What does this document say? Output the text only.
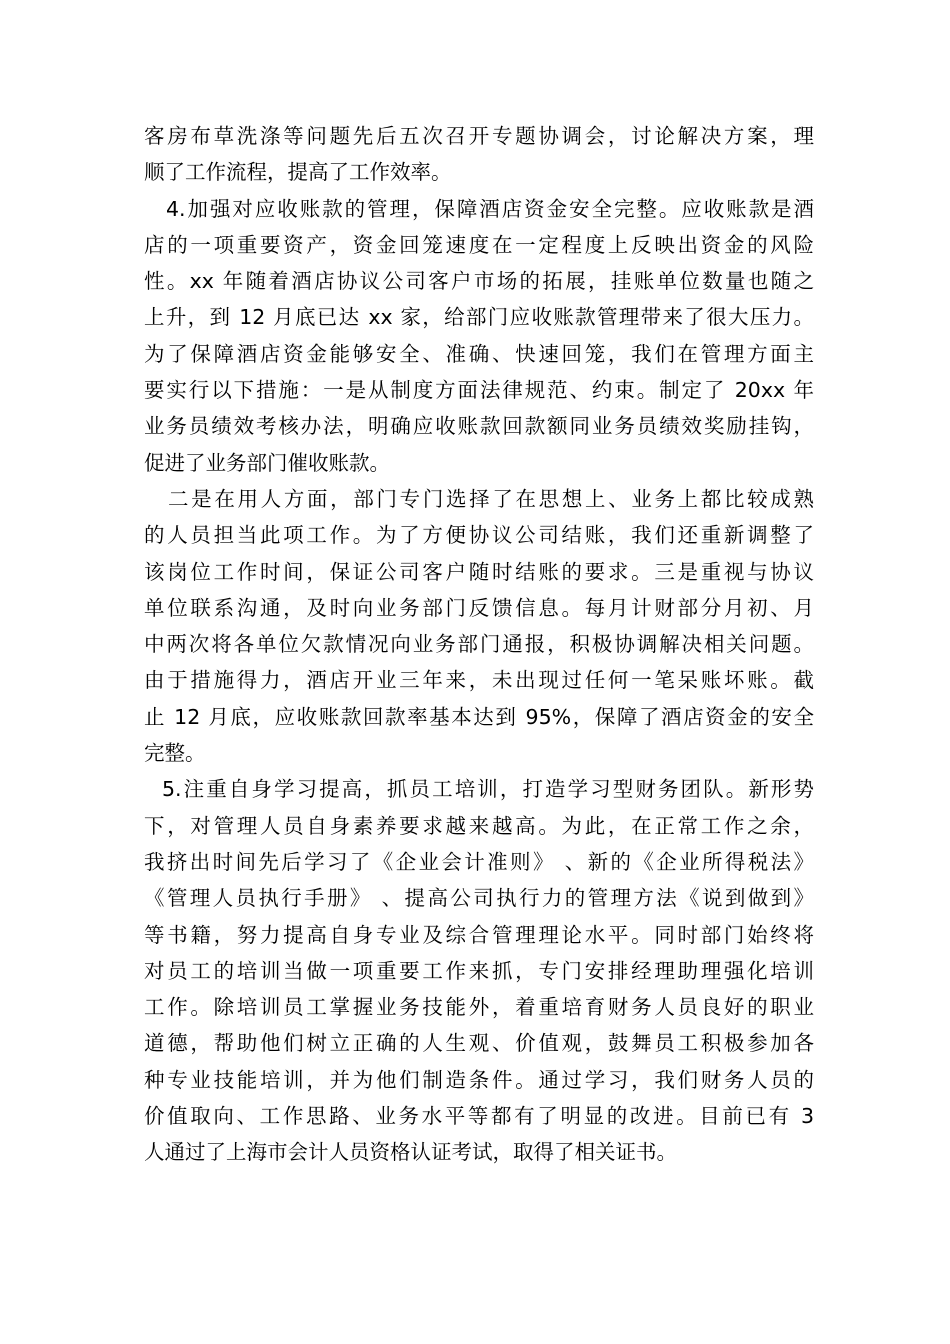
客房布草洗涤等问题先后五次召开专题协调会，讨论解决方案，理
顺了工作流程，提高了工作效率。
4.加强对应收账款的管理，保障酒店资金安全完整。应收账款是酒
店的一项重要资产，资金回笼速度在一定程度上反映出资金的风险
性。xx 年随着酒店协议公司客户市场的拓展，挂账单位数量也随之
上升，到 12 月底已达 xx 家，给部门应收账款管理带来了很大压力。
为了保障酒店资金能够安全、准确、快速回笼，我们在管理方面主
要实行以下措施：一是从制度方面法律规范、约束。制定了 20xx 年
业务员绩效考核办法，明确应收账款回款额同业务员绩效奖励挂钩，
促进了业务部门催收账款。
二是在用人方面，部门专门选择了在思想上、业务上都比较成熟
的人员担当此项工作。为了方便协议公司结账，我们还重新调整了
该岗位工作时间，保证公司客户随时结账的要求。三是重视与协议
单位联系沟通，及时向业务部门反馈信息。每月计财部分月初、月
中两次将各单位欠款情况向业务部门通报，积极协调解决相关问题。
由于措施得力，酒店开业三年来，未出现过任何一笔呆账坏账。截
止 12 月底，应收账款回款率基本达到 95%，保障了酒店资金的安全
完整。
5.注重自身学习提高，抓员工培训，打造学习型财务团队。新形势
下，对管理人员自身素养要求越来越高。为此，在正常工作之余，
我挤出时间先后学习了《企业会计准则》 、新的《企业所得税法》
《管理人员执行手册》 、提高公司执行力的管理方法《说到做到》
等书籍，努力提高自身专业及综合管理理论水平。同时部门始终将
对员工的培训当做一项重要工作来抓，专门安排经理助理强化培训
工作。除培训员工掌握业务技能外，着重培育财务人员良好的职业
道德，帮助他们树立正确的人生观、价值观，鼓舞员工积极参加各
种专业技能培训，并为他们制造条件。通过学习，我们财务人员的
价值取向、工作思路、业务水平等都有了明显的改进。目前已有 3
人通过了上海市会计人员资格认证考试，取得了相关证书。
